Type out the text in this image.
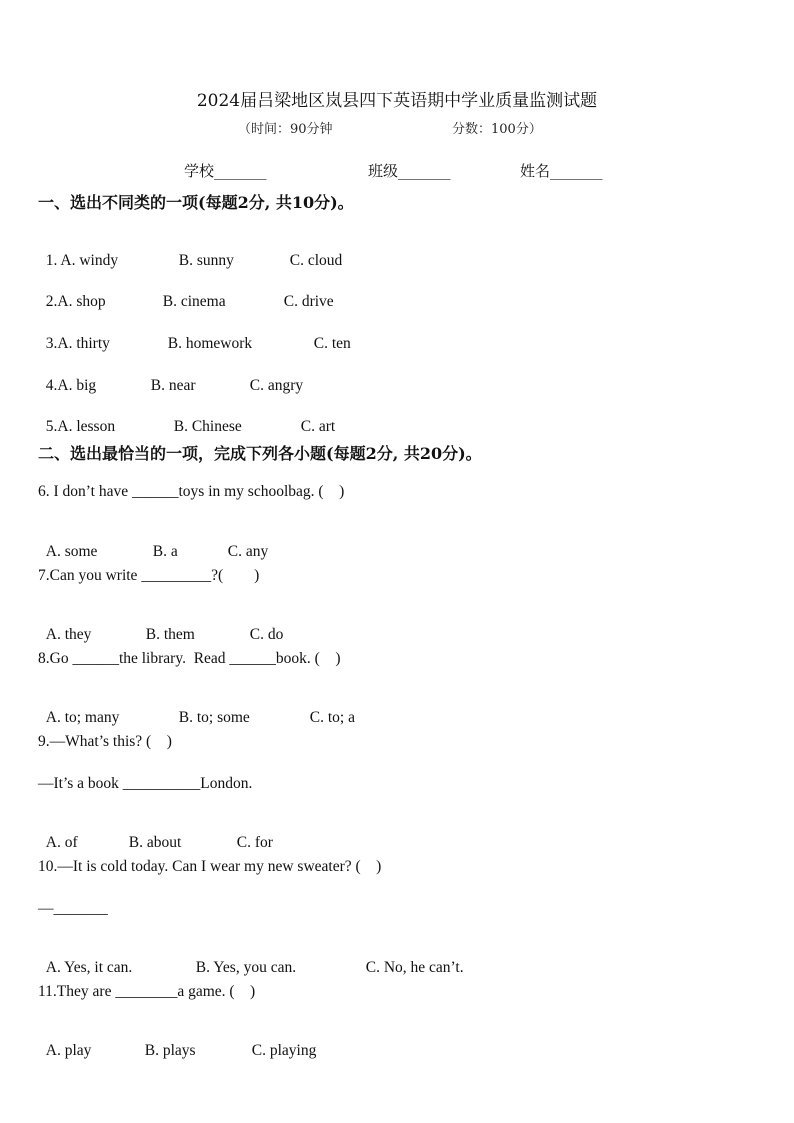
2024届吕梁地区岚县四下英语期中学业质量监测试题
（时间：90分钟	分数：100分）
学校_______	班级_______	姓名_______
一、选出不同类的一项(每题2分, 共10分)。

1. A. windy	B. sunny	C. cloud

2.A. shop	B. cinema	C. drive

3.A. thirty	B. homework	C. ten

4.A. big	B. near	C. angry

5.A. lesson	B. Chinese	C. art

二、选出最恰当的一项，完成下列各小题(每题2分, 共20分)。
6. I don’t have ______toys in my schoolbag. (    )

A. some	B. a	C. any

7.Can you write _________?(        )

A. they	B. them	C. do

8.Go ______the library.  Read ______book. (    )

A. to; many	B. to; some	C. to; a

9.—What’s this? (    )
—It’s a book __________London.

A. of	B. about	C. for

10.—It is cold today. Can I wear my new sweater? (    )
—_______

A. Yes, it can.	B. Yes, you can.	C. No, he can’t.

11.They are ________a game. (    )

A. play	B. plays	C. playing
